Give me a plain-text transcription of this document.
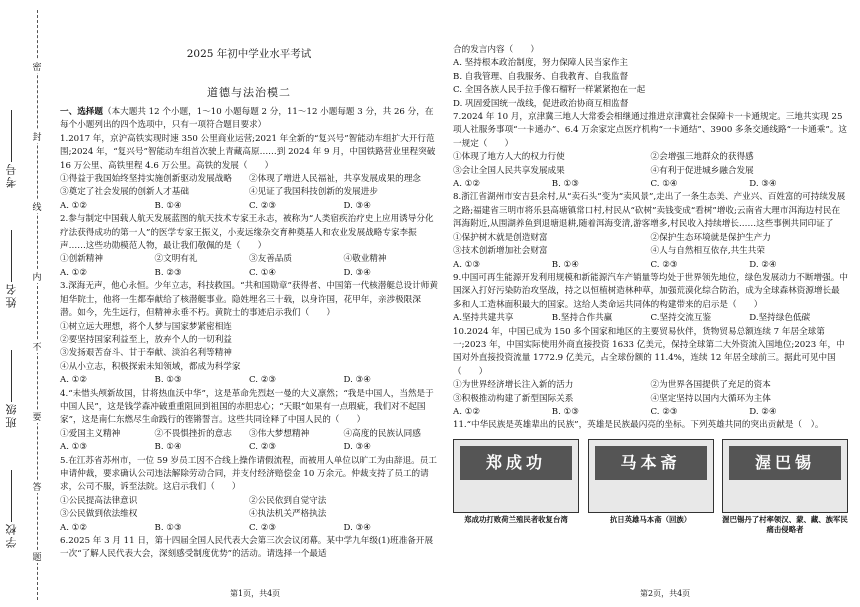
密
封
线
内
不
要
答
题
学校
班级
姓名
考号

2025 年初中学业水平考试

道德与法治模二

一、选择题（本大题共 12 个小题，1～10 小题每题 2 分，11～12 小题每题 3 分，共 26 分，在每个小题列出的四个选项中，只有一项符合题目要求）

1.2017 年，京沪高铁实现时速 350 公里商业运营;2021 年全新的“复兴号”智能动车组扩大开行范围;2024 年，“复兴号”智能动车组首次驶上青藏高原……到 2024 年 9 月，中国铁路营业里程突破 16 万公里、高铁里程 4.6 万公里。高铁的发展（　　）

①得益于我国始终坚持实施创新驱动发展战略	②体现了增进人民福祉，共享发展成果的理念
③奠定了社会发展的创新人才基础	④见证了我国科技创新的发展进步
A. ①②	B. ①④	C. ②③	D. ③④

2.参与制定中国载人航天发展蓝图的航天技术专家王永志，被称为“人类宿疾治疗史上应用诱导分化疗法获得成功的第一人”的医学专家王振义，小麦远缘杂交育种奠基人和农业发展战略专家李振声……这些功勋模范人物，最让我们敬佩的是（　　）

①创新精神	②文明有礼	③友善品质	④敬业精神
A. ①②	B. ②③	C. ①④	D. ③④

3.深海无声，他心永恒。少年立志，科技救国。“共和国勋章”获得者、中国第一代核潜艇总设计师黄旭华院士，他将一生都奉献给了核潜艇事业。隐姓埋名三十载，以身许国，花甲年，亲涉极限深潜。如今，先生远行，但精神永垂不朽。黄院士的事迹启示我们（　　）

①树立远大理想，将个人梦与国家梦紧密相连

②要坚持国家利益至上，放弃个人的一切利益

③发扬艰苦奋斗、甘于奉献、淡泊名利等精神

④从小立志，积极探索未知领域，都成为科学家

A. ①②	B. ①③	C. ②③	D. ③④

4.“未惜头颅新故国，甘将热血沃中华”，这是革命先烈赵一曼的大义凛然；“我是中国人，当然是于中国人民”，这是钱学森冲破重重阻回到祖国的赤胆忠心；“天眼”如果有一点瑕疵，我们对不起国家”，这是南仁东燃尽生命践行的铿锵誓言。这些共同诠释了中国人民的（　　）

①爱国主义精神	②不畏惧挫折的意志	③伟大梦想精神	④高度的民族认同感
A. ①③	B. ①④	C. ②③	D. ③④

5.在江苏省苏州市，一位 59 岁员工因不合线上操作请假流程，而被用人单位以旷工为由辞退。员工申请仲裁，要求确认公司违法解除劳动合同，并支付经济赔偿金 10 万余元。仲裁支持了员工的请求，公司不服，诉至法院。这启示我们（　　）

①公民提高法律意识	②公民依到自觉守法
③公民做到依法维权	④执法机关严格执法
A. ①②	B. ①③	C. ②③	D. ③④

6.2025 年 3 月 11 日，第十四届全国人民代表大会第三次会议闭幕。某中学九年级(1)班准备开展一次“了解人民代表大会，深刻感受制度优势”的活动。请选择一个最适

第1页，共4页

合的发言内容（　　）

A. 坚持根本政治制度，努力保障人民当家作主

B. 自我管理、自我服务、自我教育、自我监督

C. 全国各族人民手拉手像石榴籽一样紧紧抱在一起

D. 巩固爱国统一战线，促进政治协商互相监督

7.2024 年 10 月，京津冀三地人大常委会相继通过推进京津冀社会保障卡一卡通规定。三地共实现 25 项人社服务事项“一卡通办”、6.4 万余家定点医疗机构“一卡通结”、3900 多条交通线路“一卡通乘”。这一规定（　　）

①体现了地方人大的权力行使	②会增强三地群众的获得感
③会让全国人民共享发展成果	④有利于促进城乡融合发展
A. ①②	B. ①③	C. ①④	D. ③④

8.浙江省湖州市安吉县余村,从“卖石头”变为“卖风景”,走出了一条生态美、产业兴、百姓富的可持续发展之路;福建省三明市将乐县高塘镇常口村,村民从“砍树”卖钱变成“看树”增收;云南省大理市洱海边村民在洱海附近,从围湖养鱼到退塘退耕,随着洱海变清,游客增多,村民收入持续增长……这些事例共同印证了

①保护树木就是创造财富	②保护生态环境就是保护生产力
③技术创新增加社会财富	④人与自然相互依存,共生共荣
A. ①③	B. ①④	C. ②③	D. ②④

9.中国可再生能源开发利用规模和新能源汽车产销量等均处于世界领先地位，绿色发展动力不断增强。中国深入打好污染防治攻坚战，持之以恒植树造林种草，加强荒漠化综合防治，成为全球森林资源增长最多和人工造林面积最大的国家。这给人类命运共同体的构建带来的启示是（　　）

A.坚持共建共享	B.坚持合作共赢	C.坚持交流互鉴	D.坚持绿色低碳

10.2024 年，中国已成为 150 多个国家和地区的主要贸易伙伴，货物贸易总额连续 7 年居全球第一;2023 年，中国实际使用外商直接投资 1633 亿美元，保持全球第二大外资流入国地位;2023 年，中国对外直接投资流量 1772.9 亿美元，占全球份额的 11.4%，连续 12 年居全球前三。据此可见中国（　　）

①为世界经济增长注入新的活力	②为世界各国提供了充足的资本
③积极推动构建了新型国际关系	④坚定坚持以国内大循环为主体
A. ①②	B. ①③	C. ②③	D. ②④

11.“中华民族是英雄辈出的民族”，英雄是民族最闪亮的坐标。下列英雄共同的突出贡献是（　）。

郑成功
郑成功打败荷兰殖民者收复台湾
马本斋
抗日英雄马本斋（回族）
渥巴锡
渥巴锡丹了村率领汉、蒙、藏、族军民痛击侵略者
第2页，共4页
